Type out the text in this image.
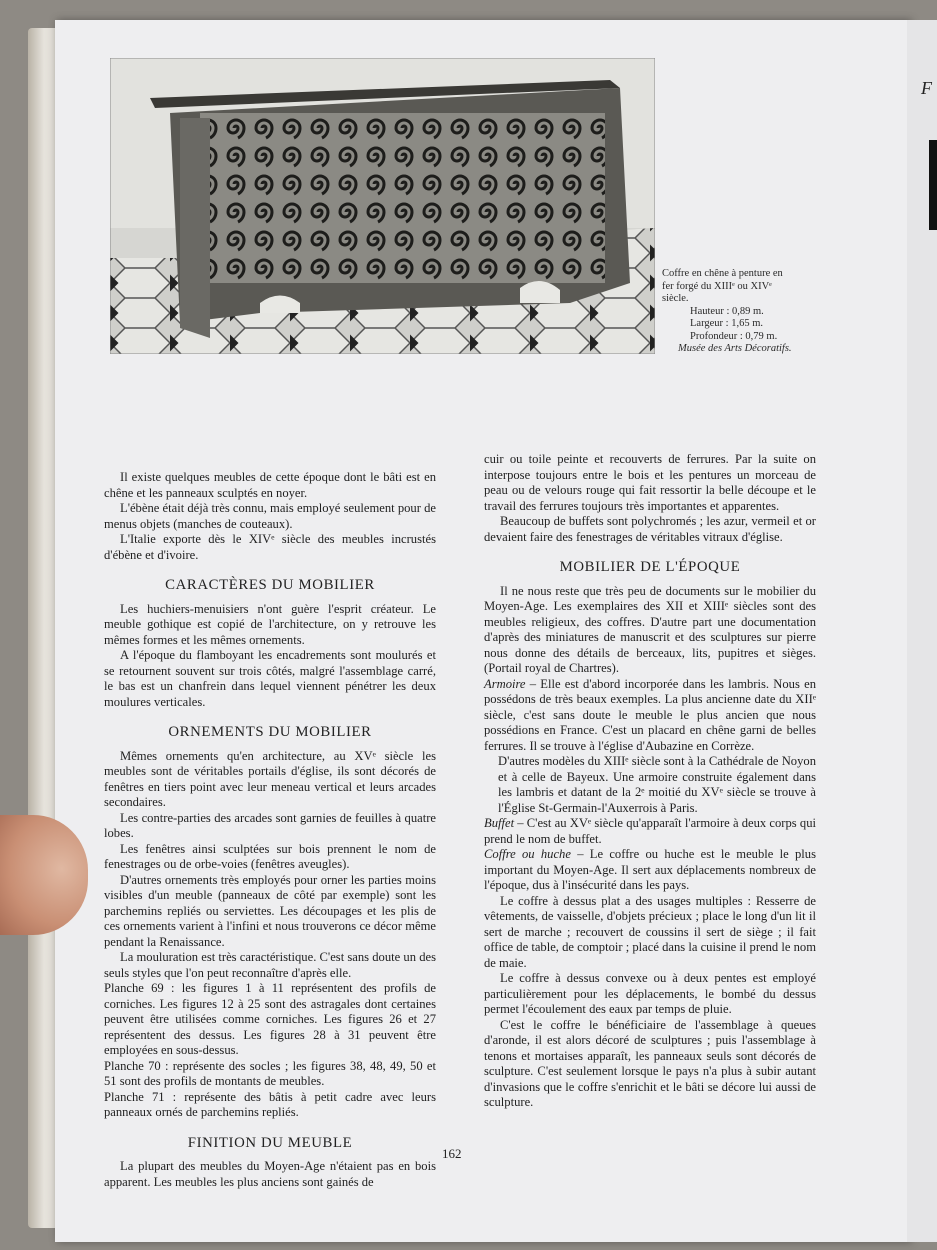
F
Coffre en chêne à penture en
fer forgé du XIIIᵉ ou XIVᵉ
siècle.
Hauteur : 0,89 m.
Largeur : 1,65 m.
Profondeur : 0,79 m.
Musée des Arts Décoratifs.

Il existe quelques meubles de cette époque dont le bâti est en chêne et les panneaux sculptés en noyer.

L'ébène était déjà très connu, mais employé seulement pour de menus objets (manches de couteaux).

L'Italie exporte dès le XIVᵉ siècle des meubles incrustés d'ébène et d'ivoire.

CARACTÈRES DU MOBILIER

Les huchiers-menuisiers n'ont guère l'esprit créateur. Le meuble gothique est copié de l'architecture, on y retrouve les mêmes formes et les mêmes ornements.

A l'époque du flamboyant les encadrements sont moulurés et se retournent souvent sur trois côtés, malgré l'assemblage carré, le bas est un chanfrein dans lequel viennent pénétrer les deux moulures verticales.

ORNEMENTS DU MOBILIER

Mêmes ornements qu'en architecture, au XVᵉ siècle les meubles sont de véritables portails d'église, ils sont décorés de fenêtres en tiers point avec leur meneau vertical et leurs arcades secondaires.

Les contre-parties des arcades sont garnies de feuilles à quatre lobes.

Les fenêtres ainsi sculptées sur bois prennent le nom de fenestrages ou de orbe-voies (fenêtres aveugles).

D'autres ornements très employés pour orner les parties moins visibles d'un meuble (panneaux de côté par exemple) sont les parchemins repliés ou serviettes. Les découpages et les plis de ces ornements varient à l'infini et nous trouverons ce décor même pendant la Renaissance.

La mouluration est très caractéristique. C'est sans doute un des seuls styles que l'on peut reconnaître d'après elle.

Planche 69 : les figures 1 à 11 représentent des profils de corniches. Les figures 12 à 25 sont des astragales dont certaines peuvent être utilisées comme corniches. Les figures 26 et 27 représentent des dessus. Les figures 28 à 31 peuvent être employées en sous-dessus.

Planche 70 : représente des socles ; les figures 38, 48, 49, 50 et 51 sont des profils de montants de meubles.

Planche 71 : représente des bâtis à petit cadre avec leurs panneaux ornés de parchemins repliés.

FINITION DU MEUBLE

La plupart des meubles du Moyen-Age n'étaient pas en bois apparent. Les meubles les plus anciens sont gainés de

cuir ou toile peinte et recouverts de ferrures. Par la suite on interpose toujours entre le bois et les pentures un morceau de peau ou de velours rouge qui fait ressortir la belle découpe et le travail des ferrures toujours très importantes et apparentes.

Beaucoup de buffets sont polychromés ; les azur, vermeil et or devaient faire des fenestrages de véritables vitraux d'église.

MOBILIER DE L'ÉPOQUE

Il ne nous reste que très peu de documents sur le mobilier du Moyen-Age. Les exemplaires des XII et XIIIᵉ siècles sont des meubles religieux, des coffres. D'autre part une documentation d'après des miniatures de manuscrit et des sculptures sur pierre nous donne des détails de berceaux, lits, pupitres et sièges. (Portail royal de Chartres).

Armoire – Elle est d'abord incorporée dans les lambris. Nous en possédons de très beaux exemples. La plus ancienne date du XIIᵉ siècle, c'est sans doute le meuble le plus ancien que nous possédions en France. C'est un placard en chêne garni de belles ferrures. Il se trouve à l'église d'Aubazine en Corrèze.

D'autres modèles du XIIIᵉ siècle sont à la Cathédrale de Noyon et à celle de Bayeux. Une armoire construite également dans les lambris et datant de la 2ᵉ moitié du XVᵉ siècle se trouve à l'Église St-Germain-l'Auxerrois à Paris.

Buffet – C'est au XVᵉ siècle qu'apparaît l'armoire à deux corps qui prend le nom de buffet.

Coffre ou huche – Le coffre ou huche est le meuble le plus important du Moyen-Age. Il sert aux déplacements nombreux de l'époque, dus à l'insécurité dans les pays.

Le coffre à dessus plat a des usages multiples : Resserre de vêtements, de vaisselle, d'objets précieux ; place le long d'un lit il sert de marche ; recouvert de coussins il sert de siège ; il fait office de table, de comptoir ; placé dans la cuisine il prend le nom de maie.

Le coffre à dessus convexe ou à deux pentes est employé particulièrement pour les déplacements, le bombé du dessus permet l'écoulement des eaux par temps de pluie.

C'est le coffre le bénéficiaire de l'assemblage à queues d'aronde, il est alors décoré de sculptures ; puis l'assemblage à tenons et mortaises apparaît, les panneaux seuls sont décorés de sculpture. C'est seulement lorsque le pays n'a plus à subir autant d'invasions que le coffre s'enrichit et le bâti se décore lui aussi de sculpture.

162
